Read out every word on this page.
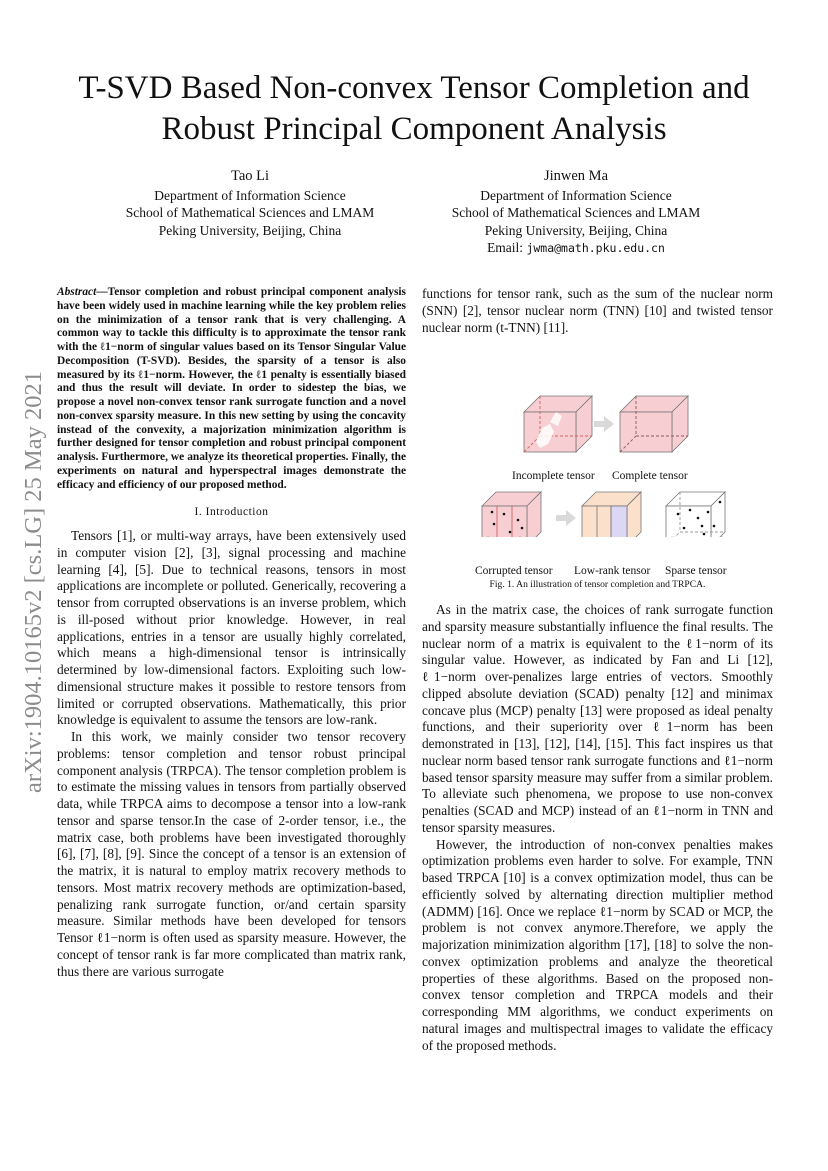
T-SVD Based Non-convex Tensor Completion and Robust Principal Component Analysis
Tao Li
Department of Information Science
School of Mathematical Sciences and LMAM
Peking University, Beijing, China
Jinwen Ma
Department of Information Science
School of Mathematical Sciences and LMAM
Peking University, Beijing, China
Email: jwma@math.pku.edu.cn
arXiv:1904.10165v2 [cs.LG] 25 May 2021

Abstract—Tensor completion and robust principal component analysis have been widely used in machine learning while the key problem relies on the minimization of a tensor rank that is very challenging. A common way to tackle this difficulty is to approximate the tensor rank with the ℓ1−norm of singular values based on its Tensor Singular Value Decomposition (T-SVD). Besides, the sparsity of a tensor is also measured by its ℓ1−norm. However, the ℓ1 penalty is essentially biased and thus the result will deviate. In order to sidestep the bias, we propose a novel non-convex tensor rank surrogate function and a novel non-convex sparsity measure. In this new setting by using the concavity instead of the convexity, a majorization minimization algorithm is further designed for tensor completion and robust principal component analysis. Furthermore, we analyze its theoretical properties. Finally, the experiments on natural and hyperspectral images demonstrate the efficacy and efficiency of our proposed method.

I. Introduction

Tensors [1], or multi-way arrays, have been extensively used in computer vision [2], [3], signal processing and machine learning [4], [5]. Due to technical reasons, tensors in most applications are incomplete or polluted. Generically, recovering a tensor from corrupted observations is an inverse problem, which is ill-posed without prior knowledge. However, in real applications, entries in a tensor are usually highly correlated, which means a high-dimensional tensor is intrinsically determined by low-dimensional factors. Exploiting such low-dimensional structure makes it possible to restore tensors from limited or corrupted observations. Mathematically, this prior knowledge is equivalent to assume the tensors are low-rank.

In this work, we mainly consider two tensor recovery problems: tensor completion and tensor robust principal component analysis (TRPCA). The tensor completion problem is to estimate the missing values in tensors from partially observed data, while TRPCA aims to decompose a tensor into a low-rank tensor and sparse tensor.In the case of 2-order tensor, i.e., the matrix case, both problems have been investigated thoroughly [6], [7], [8], [9]. Since the concept of a tensor is an extension of the matrix, it is natural to employ matrix recovery methods to tensors. Most matrix recovery methods are optimization-based, penalizing rank surrogate function, or/and certain sparsity measure. Similar methods have been developed for tensors Tensor ℓ1−norm is often used as sparsity measure. However, the concept of tensor rank is far more complicated than matrix rank, thus there are various surrogate

functions for tensor rank, such as the sum of the nuclear norm (SNN) [2], tensor nuclear norm (TNN) [10] and twisted tensor nuclear norm (t-TNN) [11].

Incomplete tensor Complete tensor
Corrupted tensor Low-rank tensor Sparse tensor
Fig. 1. An illustration of tensor completion and TRPCA.

As in the matrix case, the choices of rank surrogate function and sparsity measure substantially influence the final results. The nuclear norm of a matrix is equivalent to the ℓ1−norm of its singular value. However, as indicated by Fan and Li [12], ℓ1−norm over-penalizes large entries of vectors. Smoothly clipped absolute deviation (SCAD) penalty [12] and minimax concave plus (MCP) penalty [13] were proposed as ideal penalty functions, and their superiority over ℓ1−norm has been demonstrated in [13], [12], [14], [15]. This fact inspires us that nuclear norm based tensor rank surrogate functions and ℓ1−norm based tensor sparsity measure may suffer from a similar problem. To alleviate such phenomena, we propose to use non-convex penalties (SCAD and MCP) instead of an ℓ1−norm in TNN and tensor sparsity measures.

However, the introduction of non-convex penalties makes optimization problems even harder to solve. For example, TNN based TRPCA [10] is a convex optimization model, thus can be efficiently solved by alternating direction multiplier method (ADMM) [16]. Once we replace ℓ1−norm by SCAD or MCP, the problem is not convex anymore.Therefore, we apply the majorization minimization algorithm [17], [18] to solve the non-convex optimization problems and analyze the theoretical properties of these algorithms. Based on the proposed non-convex tensor completion and TRPCA models and their corresponding MM algorithms, we conduct experiments on natural images and multispectral images to validate the efficacy of the proposed methods.
